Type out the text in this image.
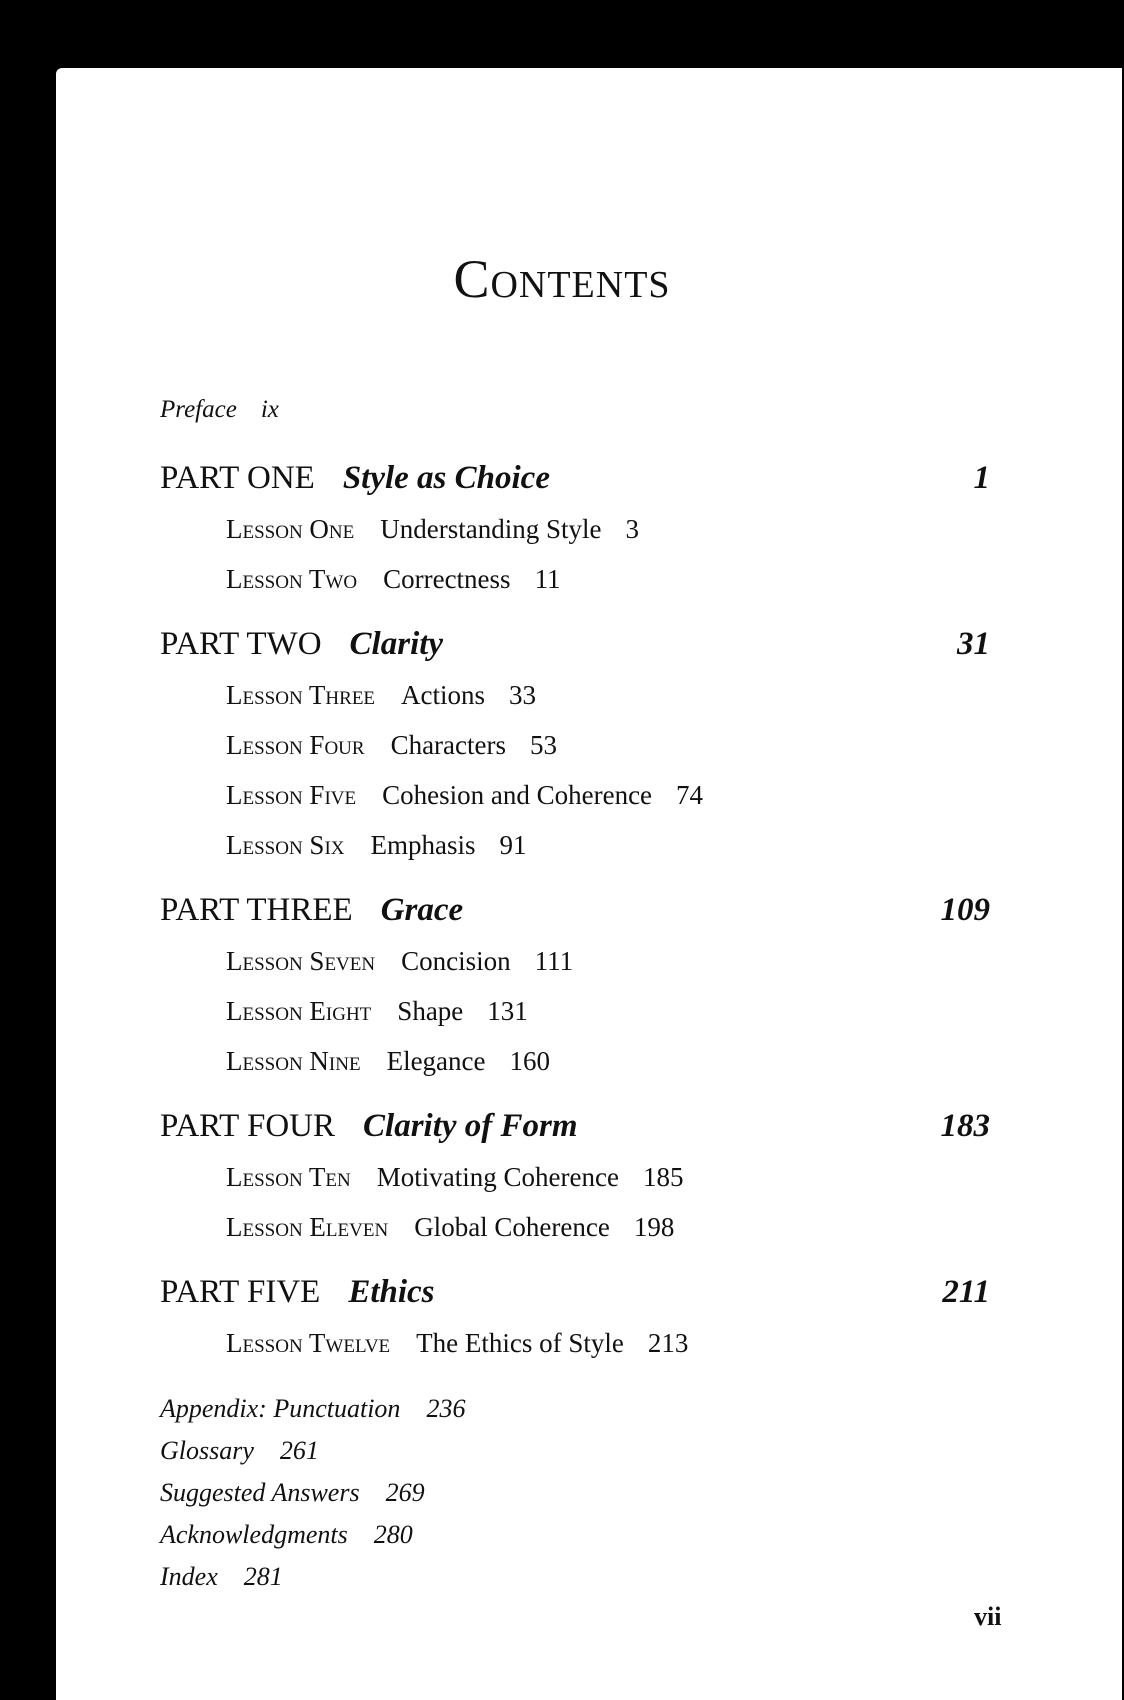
Contents
Preface ix
PART ONE Style as Choice	1
Lesson One Understanding Style 3
Lesson Two Correctness 11
PART TWO Clarity	31
Lesson Three Actions 33
Lesson Four Characters 53
Lesson Five Cohesion and Coherence 74
Lesson Six Emphasis 91
PART THREE Grace	109
Lesson Seven Concision 111
Lesson Eight Shape 131
Lesson Nine Elegance 160
PART FOUR Clarity of Form	183
Lesson Ten Motivating Coherence 185
Lesson Eleven Global Coherence 198
PART FIVE Ethics	211
Lesson Twelve The Ethics of Style 213
Appendix: Punctuation 236
Glossary 261
Suggested Answers 269
Acknowledgments 280
Index 281
vii
